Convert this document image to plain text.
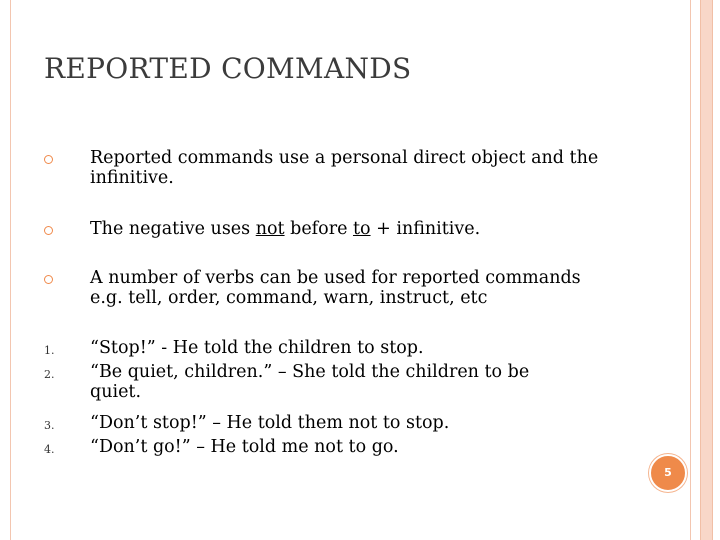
REPORTED COMMANDS
Reported commands use a personal direct object and the
infinitive.
The negative uses not before to + infinitive.
A number of verbs can be used for reported commands
e.g. tell, order, command, warn, instruct, etc
1.	“Stop!” - He told the children to stop.
2.	“Be quiet, children.” – She told the children to be
quiet.
3.	“Don’t stop!” – He told them not to stop.
4.	“Don’t go!” – He told me not to go.
5
